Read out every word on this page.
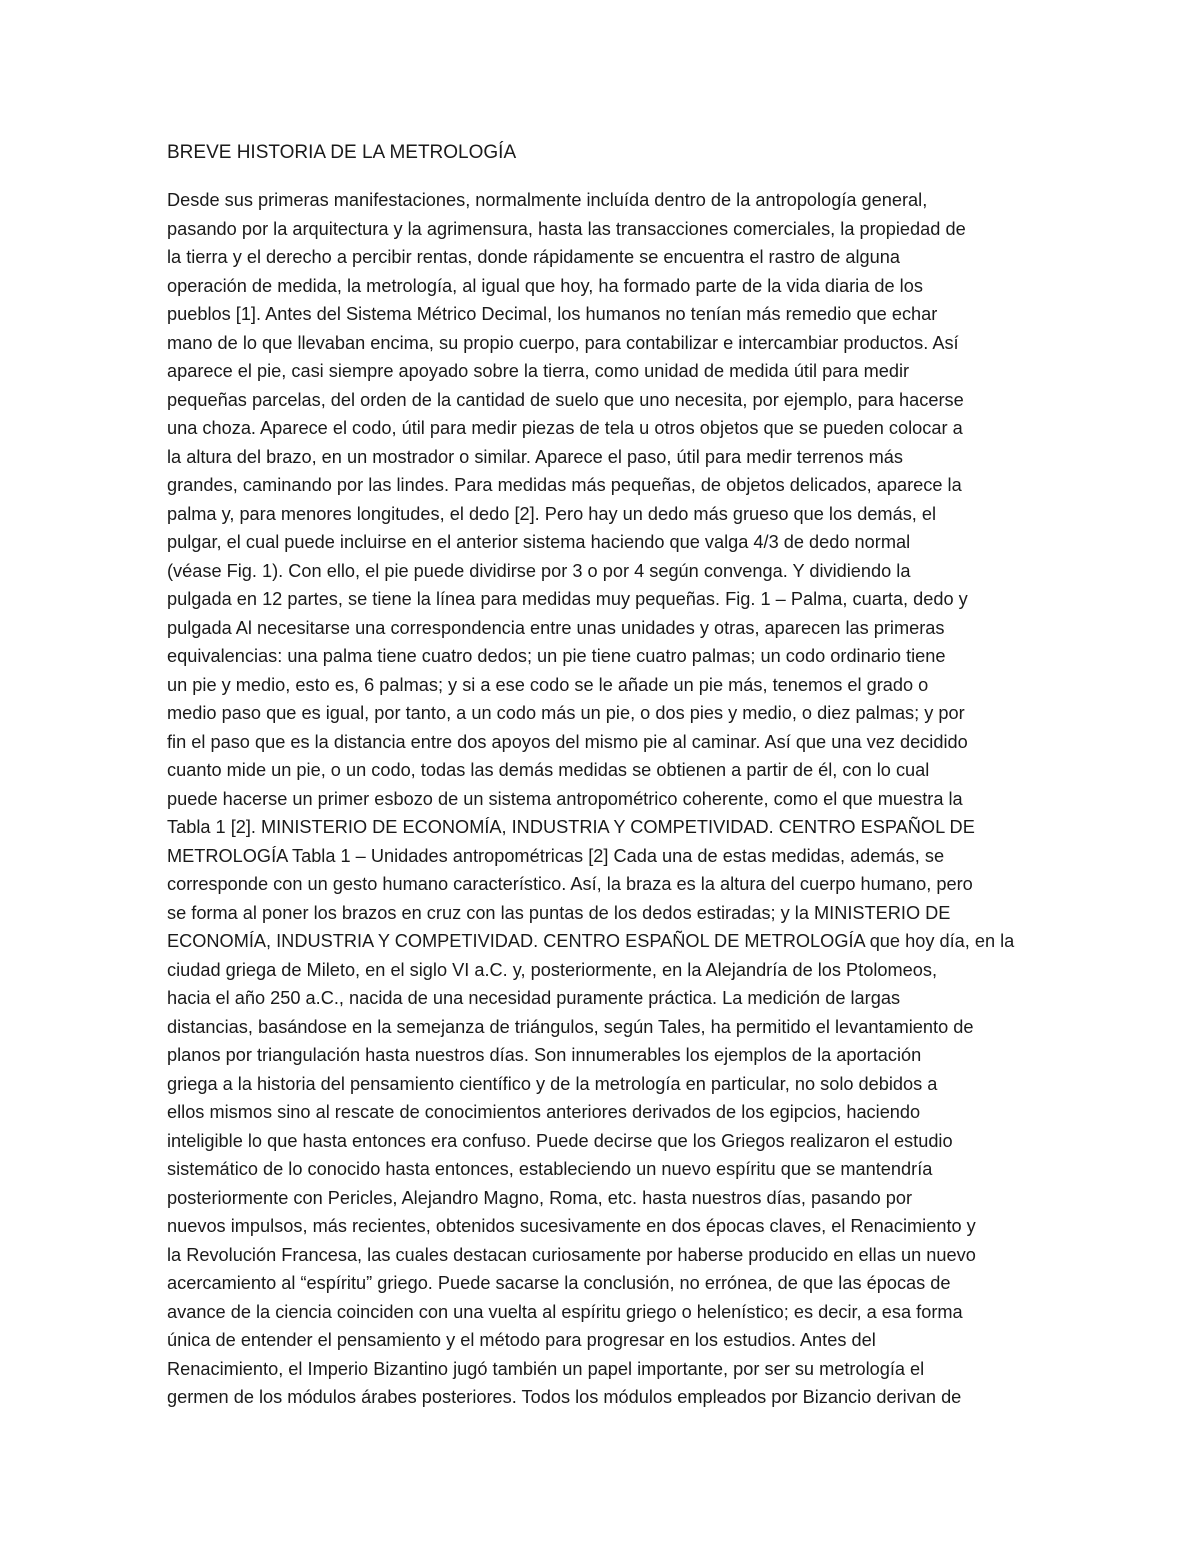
BREVE HISTORIA DE LA METROLOGÍA
Desde sus primeras manifestaciones, normalmente incluída dentro de la antropología general,
pasando por la arquitectura y la agrimensura, hasta las transacciones comerciales, la propiedad de
la tierra y el derecho a percibir rentas, donde rápidamente se encuentra el rastro de alguna
operación de medida, la metrología, al igual que hoy, ha formado parte de la vida diaria de los
pueblos [1]. Antes del Sistema Métrico Decimal, los humanos no tenían más remedio que echar
mano de lo que llevaban encima, su propio cuerpo, para contabilizar e intercambiar productos. Así
aparece el pie, casi siempre apoyado sobre la tierra, como unidad de medida útil para medir
pequeñas parcelas, del orden de la cantidad de suelo que uno necesita, por ejemplo, para hacerse
una choza. Aparece el codo, útil para medir piezas de tela u otros objetos que se pueden colocar a
la altura del brazo, en un mostrador o similar. Aparece el paso, útil para medir terrenos más
grandes, caminando por las lindes. Para medidas más pequeñas, de objetos delicados, aparece la
palma y, para menores longitudes, el dedo [2]. Pero hay un dedo más grueso que los demás, el
pulgar, el cual puede incluirse en el anterior sistema haciendo que valga 4/3 de dedo normal
(véase Fig. 1). Con ello, el pie puede dividirse por 3 o por 4 según convenga. Y dividiendo la
pulgada en 12 partes, se tiene la línea para medidas muy pequeñas. Fig. 1 – Palma, cuarta, dedo y
pulgada Al necesitarse una correspondencia entre unas unidades y otras, aparecen las primeras
equivalencias: una palma tiene cuatro dedos; un pie tiene cuatro palmas; un codo ordinario tiene
un pie y medio, esto es, 6 palmas; y si a ese codo se le añade un pie más, tenemos el grado o
medio paso que es igual, por tanto, a un codo más un pie, o dos pies y medio, o diez palmas; y por
fin el paso que es la distancia entre dos apoyos del mismo pie al caminar. Así que una vez decidido
cuanto mide un pie, o un codo, todas las demás medidas se obtienen a partir de él, con lo cual
puede hacerse un primer esbozo de un sistema antropométrico coherente, como el que muestra la
Tabla 1 [2]. MINISTERIO DE ECONOMÍA, INDUSTRIA Y COMPETIVIDAD. CENTRO ESPAÑOL DE
METROLOGÍA Tabla 1 – Unidades antropométricas [2] Cada una de estas medidas, además, se
corresponde con un gesto humano característico. Así, la braza es la altura del cuerpo humano, pero
se forma al poner los brazos en cruz con las puntas de los dedos estiradas; y la MINISTERIO DE
ECONOMÍA, INDUSTRIA Y COMPETIVIDAD. CENTRO ESPAÑOL DE METROLOGÍA que hoy día, en la
ciudad griega de Mileto, en el siglo VI a.C. y, posteriormente, en la Alejandría de los Ptolomeos,
hacia el año 250 a.C., nacida de una necesidad puramente práctica. La medición de largas
distancias, basándose en la semejanza de triángulos, según Tales, ha permitido el levantamiento de
planos por triangulación hasta nuestros días. Son innumerables los ejemplos de la aportación
griega a la historia del pensamiento científico y de la metrología en particular, no solo debidos a
ellos mismos sino al rescate de conocimientos anteriores derivados de los egipcios, haciendo
inteligible lo que hasta entonces era confuso. Puede decirse que los Griegos realizaron el estudio
sistemático de lo conocido hasta entonces, estableciendo un nuevo espíritu que se mantendría
posteriormente con Pericles, Alejandro Magno, Roma, etc. hasta nuestros días, pasando por
nuevos impulsos, más recientes, obtenidos sucesivamente en dos épocas claves, el Renacimiento y
la Revolución Francesa, las cuales destacan curiosamente por haberse producido en ellas un nuevo
acercamiento al “espíritu” griego. Puede sacarse la conclusión, no errónea, de que las épocas de
avance de la ciencia coinciden con una vuelta al espíritu griego o helenístico; es decir, a esa forma
única de entender el pensamiento y el método para progresar en los estudios. Antes del
Renacimiento, el Imperio Bizantino jugó también un papel importante, por ser su metrología el
germen de los módulos árabes posteriores. Todos los módulos empleados por Bizancio derivan de
